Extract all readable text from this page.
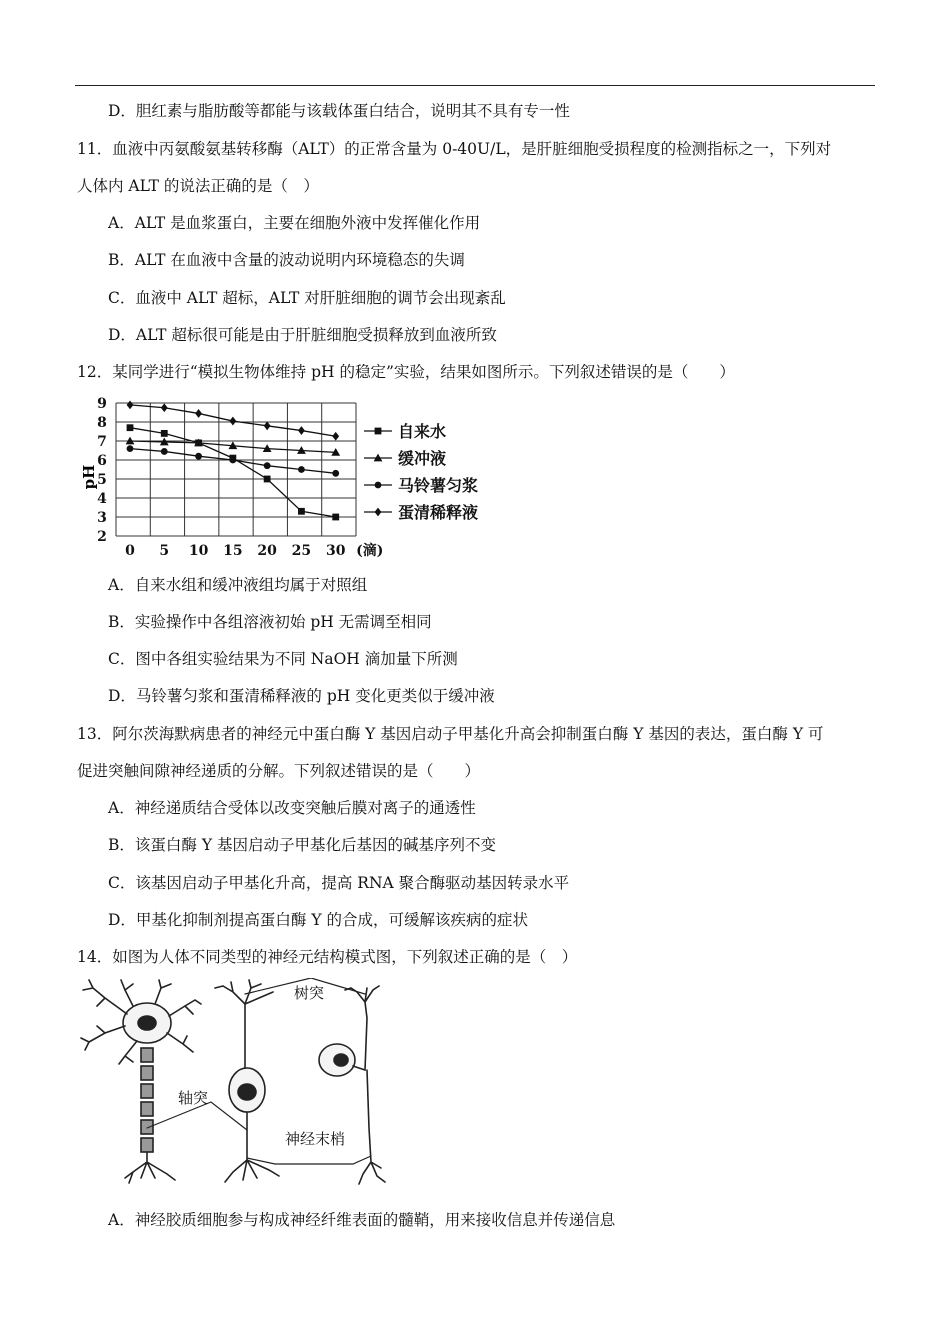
D．胆红素与脂肪酸等都能与该载体蛋白结合，说明其不具有专一性
11．血液中丙氨酸氨基转移酶（ALT）的正常含量为 0-40U/L，是肝脏细胞受损程度的检测指标之一，下列对
人体内 ALT 的说法正确的是（　）
A．ALT 是血浆蛋白，主要在细胞外液中发挥催化作用
B．ALT 在血液中含量的波动说明内环境稳态的失调
C．血液中 ALT 超标，ALT 对肝脏细胞的调节会出现紊乱
D．ALT 超标很可能是由于肝脏细胞受损释放到血液所致
12．某同学进行“模拟生物体维持 pH 的稳定”实验，结果如图所示。下列叙述错误的是（　　）
2
3
4
5
6
7
8
9
0 5 10 15 20 25 30 (滴)
pH
自来水
缓冲液
马铃薯匀浆
蛋清稀释液
A．自来水组和缓冲液组均属于对照组
B．实验操作中各组溶液初始 pH 无需调至相同
C．图中各组实验结果为不同 NaOH 滴加量下所测
D．马铃薯匀浆和蛋清稀释液的 pH 变化更类似于缓冲液
13．阿尔茨海默病患者的神经元中蛋白酶 Y 基因启动子甲基化升高会抑制蛋白酶 Y 基因的表达，蛋白酶 Y 可
促进突触间隙神经递质的分解。下列叙述错误的是（　　）
A．神经递质结合受体以改变突触后膜对离子的通透性
B．该蛋白酶 Y 基因启动子甲基化后基因的碱基序列不变
C．该基因启动子甲基化升高，提高 RNA 聚合酶驱动基因转录水平
D．甲基化抑制剂提高蛋白酶 Y 的合成，可缓解该疾病的症状
14．如图为人体不同类型的神经元结构模式图，下列叙述正确的是（　）
树突
轴突
神经末梢
A．神经胶质细胞参与构成神经纤维表面的髓鞘，用来接收信息并传递信息
